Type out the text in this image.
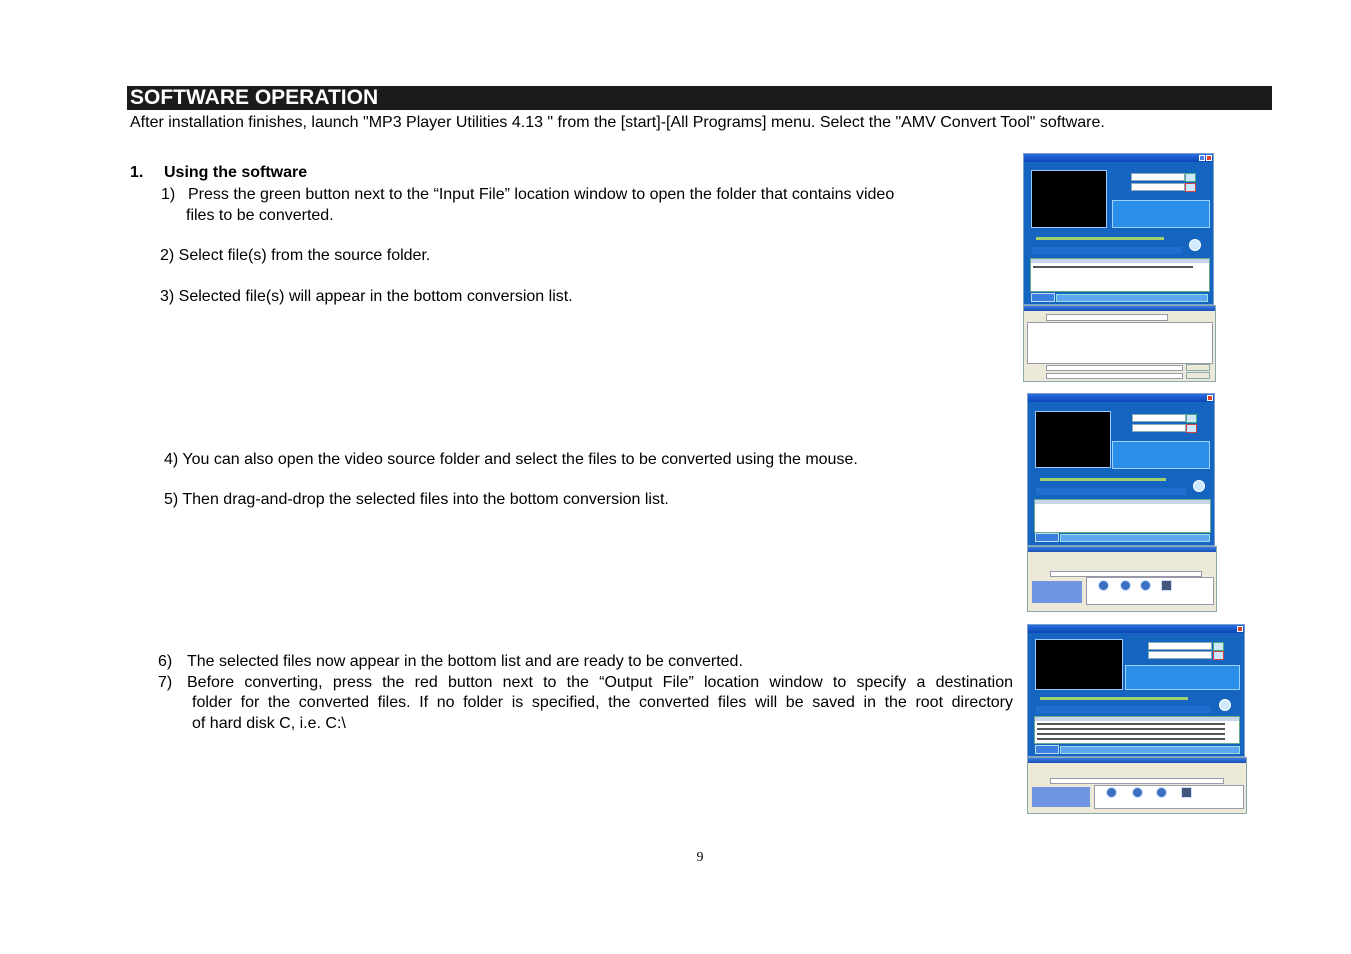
SOFTWARE OPERATION
After installation finishes, launch "MP3 Player Utilities 4.13 " from the [start]-[All Programs] menu. Select the "AMV Convert Tool" software.
1. Using the software
1) Press the green button next to the “Input File” location window to open the folder that contains video
files to be converted.
2) Select file(s) from the source folder.
3) Selected file(s) will appear in the bottom conversion list.
4) You can also open the video source folder and select the files to be converted using the mouse.
5) Then drag-and-drop the selected files into the bottom conversion list.
6) The selected files now appear in the bottom list and are ready to be converted.
7) Before converting, press the red button next to the “Output File” location window to specify a destination
folder for the converted files. If no folder is specified, the converted files will be saved in the root directory
of hard disk C, i.e. C:\
9
